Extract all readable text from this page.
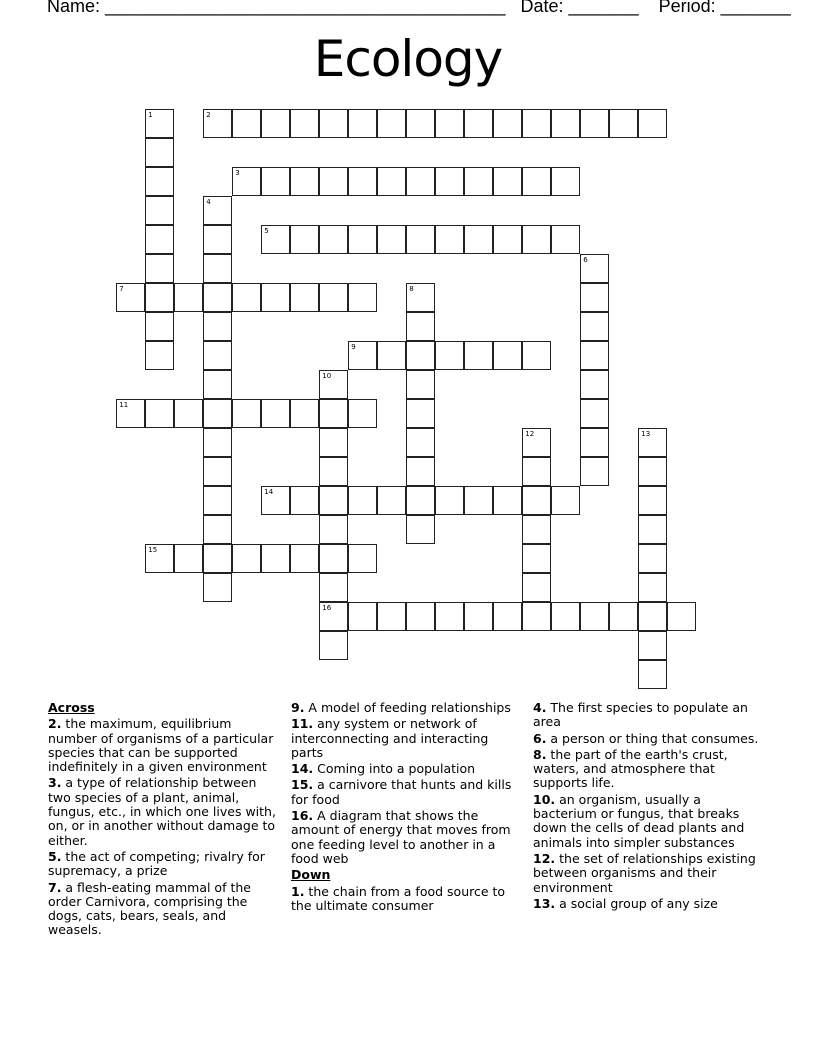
Name: ________________________________________ Date: _______ Period: _______
Ecology
1	2
3
4
5
6
7	8
9
10
16
11
12	13
14
15
Across
2. the maximum, equilibrium number of organisms of a particular species that can be supported indefinitely in a given environment
3. a type of relationship between two species of a plant, animal, fungus, etc., in which one lives with, on, or in another without damage to either.
5. the act of competing; rivalry for supremacy, a prize
7. a flesh-eating mammal of the order Carnivora, comprising the dogs, cats, bears, seals, and weasels.
9. A model of feeding relationships
11. any system or network of interconnecting and interacting parts
14. Coming into a population
15. a carnivore that hunts and kills for food
16. A diagram that shows the amount of energy that moves from one feeding level to another in a food web
Down
1. the chain from a food source to the ultimate consumer
4. The first species to populate an area
6. a person or thing that consumes.
8. the part of the earth's crust, waters, and atmosphere that supports life.
10. an organism, usually a bacterium or fungus, that breaks down the cells of dead plants and animals into simpler substances
12. the set of relationships existing between organisms and their environment
13. a social group of any size
